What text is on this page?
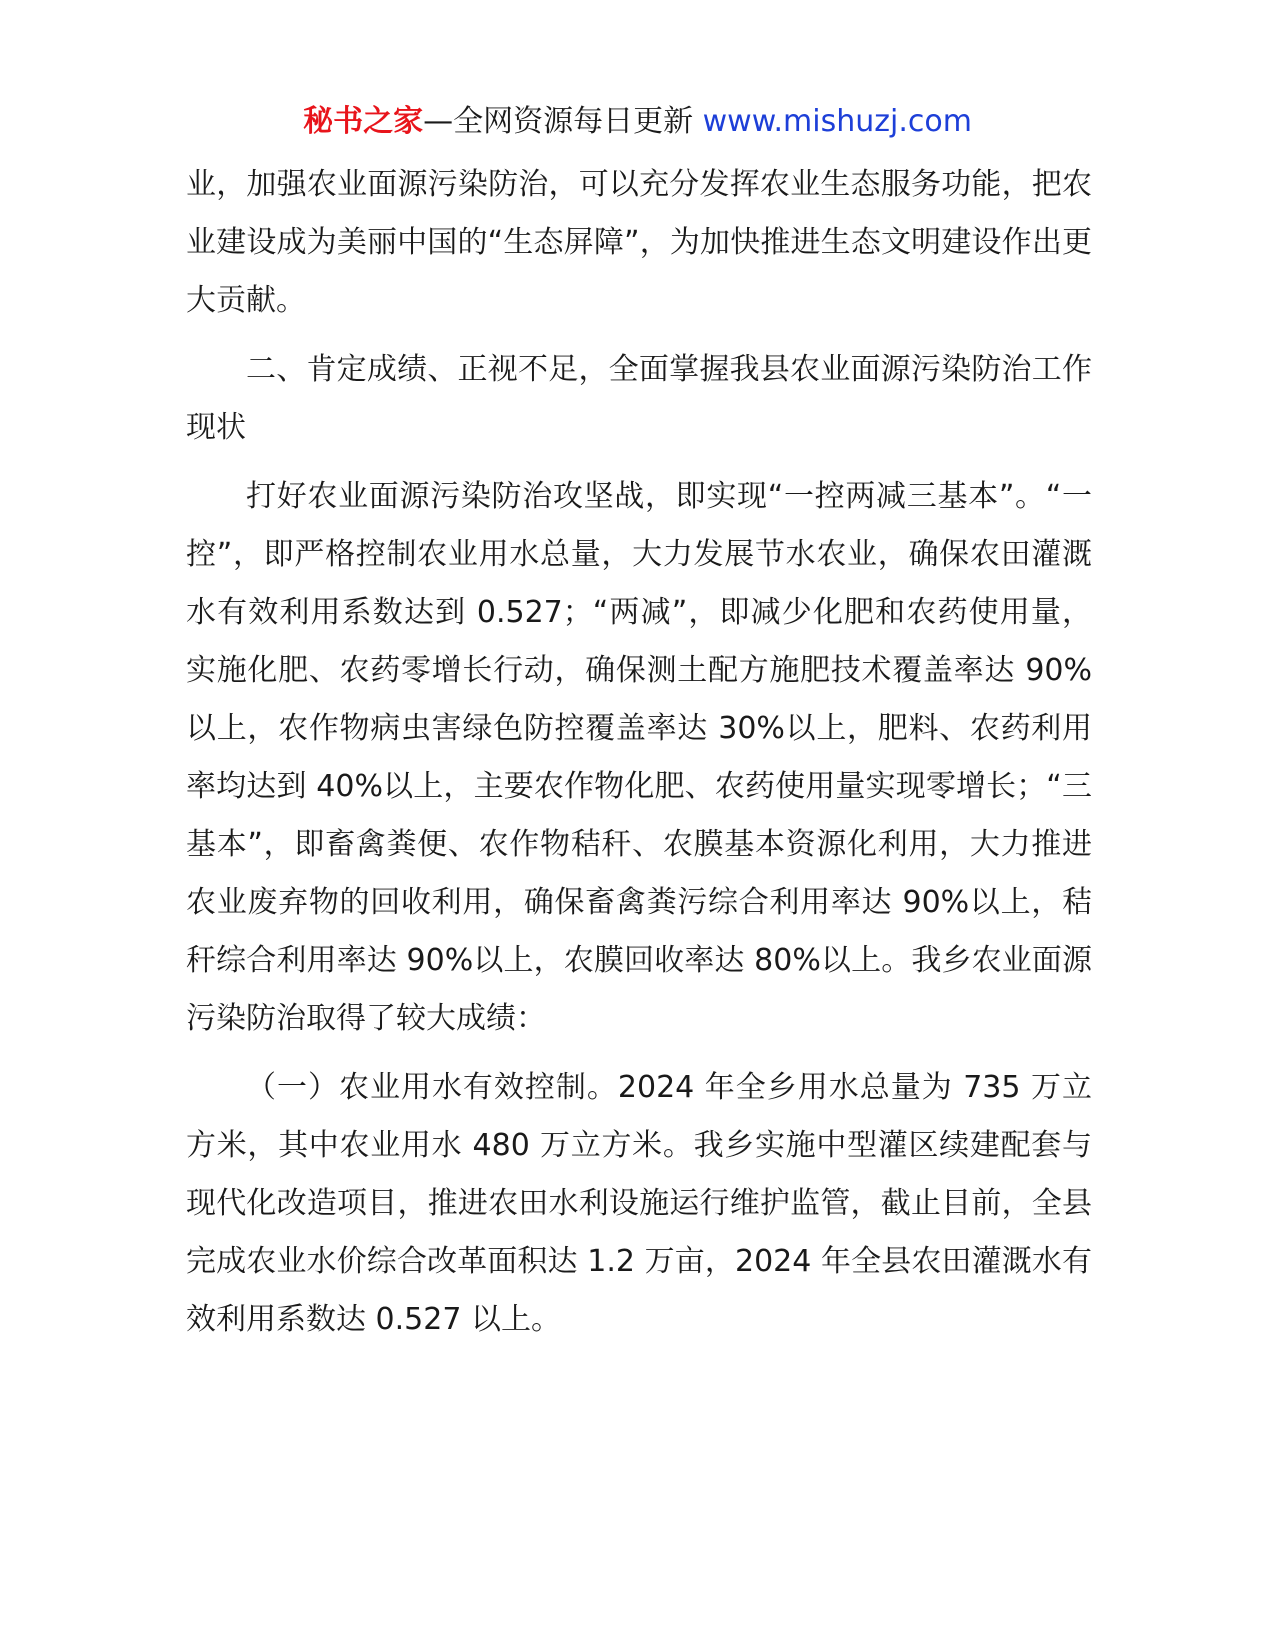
秘书之家—全网资源每日更新 www.mishuzj.com

业，加强农业面源污染防治，可以充分发挥农业生态服务功能，把农业建设成为美丽中国的“生态屏障”，为加快推进生态文明建设作出更大贡献。

二、肯定成绩、正视不足，全面掌握我县农业面源污染防治工作现状

打好农业面源污染防治攻坚战，即实现“一控两减三基本”。“一控”，即严格控制农业用水总量，大力发展节水农业，确保农田灌溉水有效利用系数达到 0.527；“两减”，即减少化肥和农药使用量，实施化肥、农药零增长行动，确保测土配方施肥技术覆盖率达 90%以上，农作物病虫害绿色防控覆盖率达 30%以上，肥料、农药利用率均达到 40%以上，主要农作物化肥、农药使用量实现零增长；“三基本”，即畜禽粪便、农作物秸秆、农膜基本资源化利用，大力推进农业废弃物的回收利用，确保畜禽粪污综合利用率达 90%以上，秸秆综合利用率达 90%以上，农膜回收率达 80%以上。我乡农业面源污染防治取得了较大成绩：

（一）农业用水有效控制。2024 年全乡用水总量为 735 万立方米，其中农业用水 480 万立方米。我乡实施中型灌区续建配套与现代化改造项目，推进农田水利设施运行维护监管，截止目前，全县完成农业水价综合改革面积达 1.2 万亩，2024 年全县农田灌溉水有效利用系数达 0.527 以上。
